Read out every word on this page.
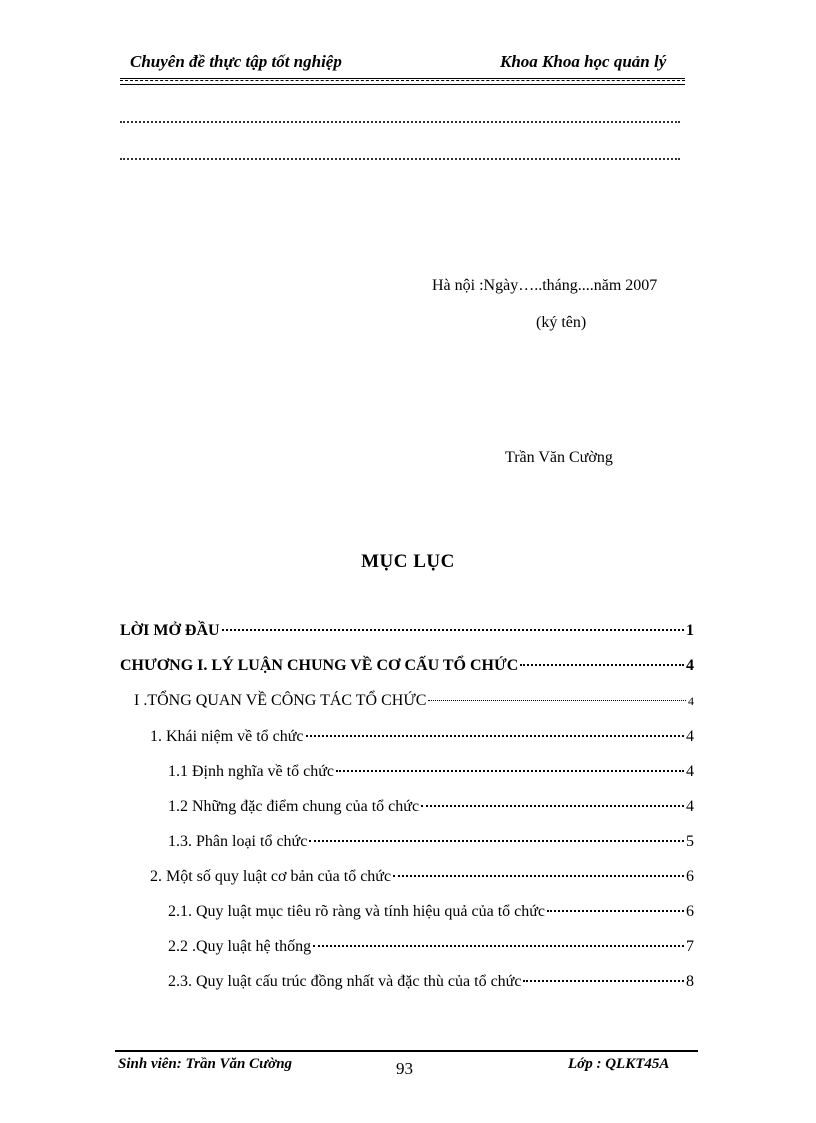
Chuyên đề thực tập tốt nghiệp	Khoa Khoa học quản lý
Hà nội :Ngày…..tháng....năm 2007
(ký tên)
Trần Văn Cường
MỤC LỤC
LỜI MỞ ĐẦU	1
CHƯƠNG I. LÝ LUẬN CHUNG VỀ CƠ CẤU TỔ CHỨC	4
I .TỔNG QUAN VỀ CÔNG TÁC TỔ CHỨC	4
1. Khái niệm về tổ chức	4
1.1 Định nghĩa về tổ chức	4
1.2 Những đặc điểm chung của tổ chức	4
1.3. Phân loại tổ chức	5
2. Một số quy luật cơ bản của tổ chức	6
2.1. Quy luật mục tiêu rõ ràng và tính hiệu quả của tổ chức	6
2.2 .Quy luật hệ thống	7
2.3. Quy luật cấu trúc đồng nhất và đặc thù của tổ chức	8
Sinh viên: Trần Văn Cường	93	Lớp : QLKT45A
